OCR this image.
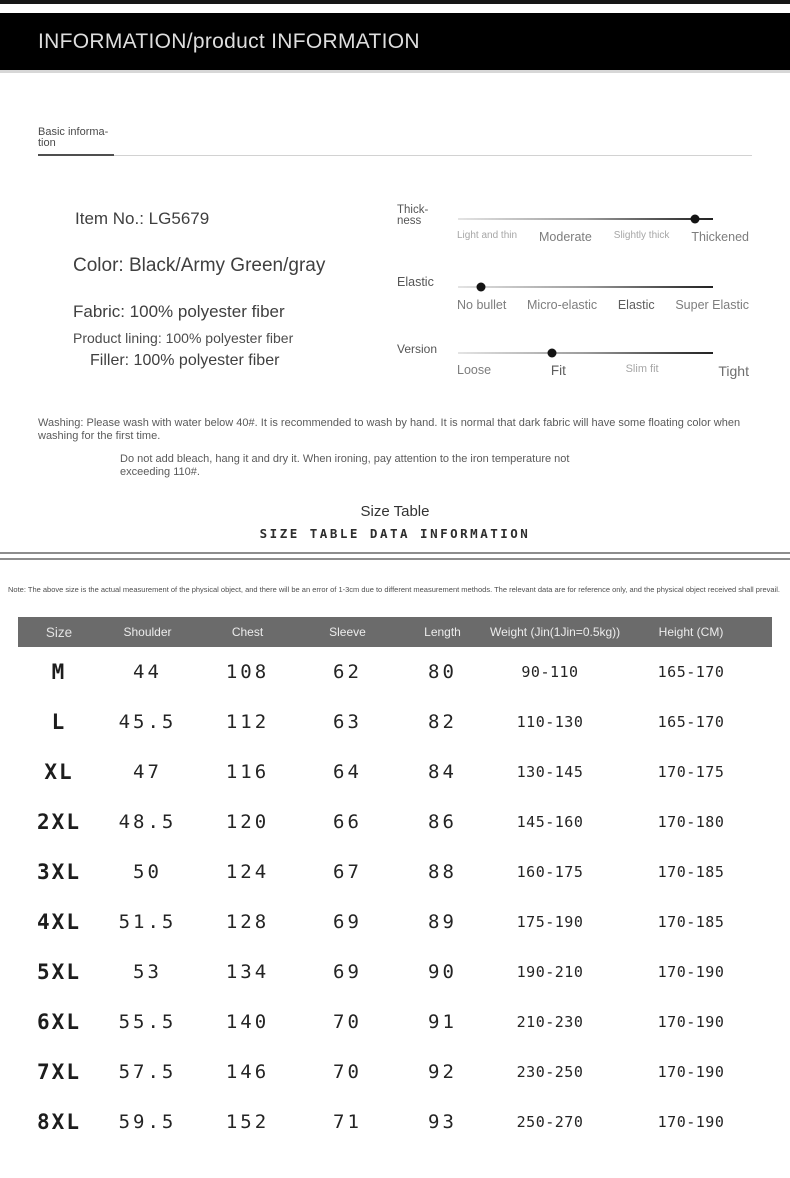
INFORMATION/product INFORMATION
Basic informa-
tion
Item No.: LG5679
Color: Black/Army Green/gray
Fabric: 100% polyester fiber
Product lining: 100% polyester fiber
Filler: 100% polyester fiber
Thick-
ness
Light and thin Moderate Slightly thick Thickened
Elastic
No bullet Micro-elastic Elastic Super Elastic
Version
Loose	Fit	Slim fit	Tight
Washing: Please wash with water below 40#. It is recommended to wash by hand. It is normal that dark fabric will have some floating color when washing for the first time.
Do not add bleach, hang it and dry it. When ironing, pay attention to the iron temperature not exceeding 110#.
Size Table
SIZE TABLE DATA INFORMATION
Note: The above size is the actual measurement of the physical object, and there will be an error of 1-3cm due to different measurement methods. The relevant data are for reference only, and the physical object received shall prevail.
Size	Shoulder	Chest	Sleeve	Length	Weight (Jin(1Jin=0.5kg))	Height (CM)
M	44	108	62	80	90-110	165-170
L	45.5	112	63	82	110-130	165-170
XL	47	116	64	84	130-145	170-175
2XL	48.5	120	66	86	145-160	170-180
3XL	50	124	67	88	160-175	170-185
4XL	51.5	128	69	89	175-190	170-185
5XL	53	134	69	90	190-210	170-190
6XL	55.5	140	70	91	210-230	170-190
7XL	57.5	146	70	92	230-250	170-190
8XL	59.5	152	71	93	250-270	170-190
